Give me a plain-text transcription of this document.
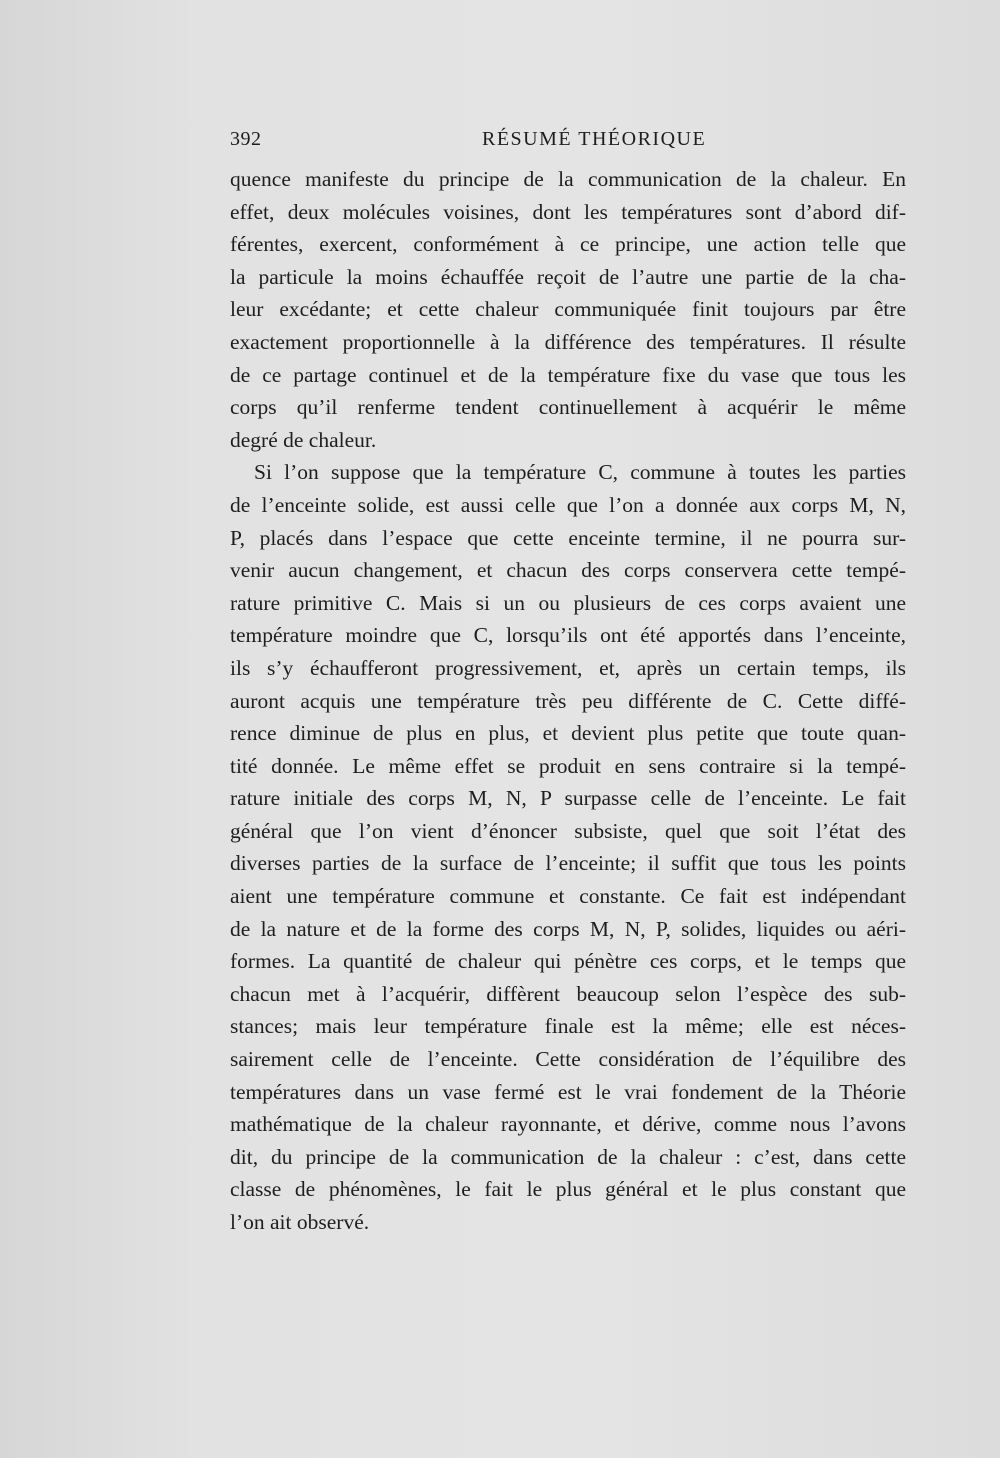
392	RÉSUMÉ THÉORIQUE
quence manifeste du principe de la communication de la chaleur. En
effet, deux molécules voisines, dont les températures sont d’abord dif-
férentes, exercent, conformément à ce principe, une action telle que
la particule la moins échauffée reçoit de l’autre une partie de la cha-
leur excédante; et cette chaleur communiquée finit toujours par être
exactement proportionnelle à la différence des températures. Il résulte
de ce partage continuel et de la température fixe du vase que tous les
corps qu’il renferme tendent continuellement à acquérir le même
degré de chaleur.
Si l’on suppose que la température C, commune à toutes les parties
de l’enceinte solide, est aussi celle que l’on a donnée aux corps M, N,
P, placés dans l’espace que cette enceinte termine, il ne pourra sur-
venir aucun changement, et chacun des corps conservera cette tempé-
rature primitive C. Mais si un ou plusieurs de ces corps avaient une
température moindre que C, lorsqu’ils ont été apportés dans l’enceinte,
ils s’y échaufferont progressivement, et, après un certain temps, ils
auront acquis une température très peu différente de C. Cette diffé-
rence diminue de plus en plus, et devient plus petite que toute quan-
tité donnée. Le même effet se produit en sens contraire si la tempé-
rature initiale des corps M, N, P surpasse celle de l’enceinte. Le fait
général que l’on vient d’énoncer subsiste, quel que soit l’état des
diverses parties de la surface de l’enceinte; il suffit que tous les points
aient une température commune et constante. Ce fait est indépendant
de la nature et de la forme des corps M, N, P, solides, liquides ou aéri-
formes. La quantité de chaleur qui pénètre ces corps, et le temps que
chacun met à l’acquérir, diffèrent beaucoup selon l’espèce des sub-
stances; mais leur température finale est la même; elle est néces-
sairement celle de l’enceinte. Cette considération de l’équilibre des
températures dans un vase fermé est le vrai fondement de la Théorie
mathématique de la chaleur rayonnante, et dérive, comme nous l’avons
dit, du principe de la communication de la chaleur : c’est, dans cette
classe de phénomènes, le fait le plus général et le plus constant que
l’on ait observé.
